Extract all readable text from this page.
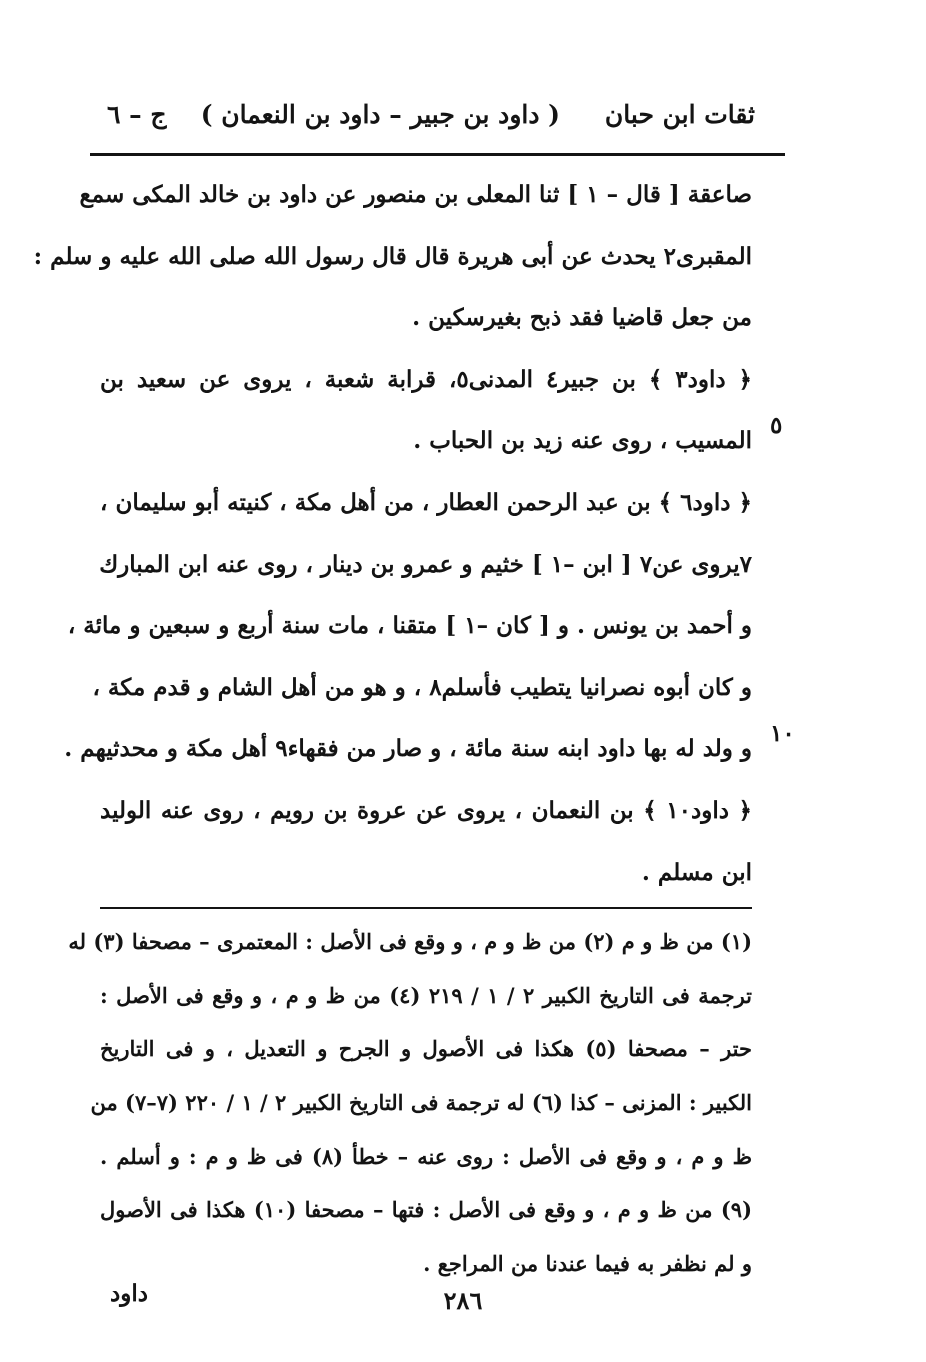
ثقات ابن حبان
( داود بن جبير – داود بن النعمان )
ج – ٦
صاعقة [ قال – ١ ] ثنا المعلى بن منصور عن داود بن خالد المكى سمع
المقبرى٢ يحدث عن أبى هريرة قال قال رسول الله صلى الله عليه و سلم :
من جعل قاضيا فقد ذبح بغيرسكين .
﴿ داود٣ ﴾ بن جبير٤ المدنى٥، قرابة شعبة ، يروى عن سعيد بن
المسيب ، روى عنه زيد بن الحباب .
﴿ داود٦ ﴾ بن عبد الرحمن العطار ، من أهل مكة ، كنيته أبو سليمان ،
٧يروى عن٧ [ ابن –١ ] خثيم و عمرو بن دينار ، روى عنه ابن المبارك
و أحمد بن يونس . و [ كان –١ ] متقنا ، مات سنة أربع و سبعين و مائة ،
و كان أبوه نصرانيا يتطيب فأسلم٨ ، و هو من أهل الشام و قدم مكة ،
و ولد له بها داود ابنه سنة مائة ، و صار من فقهاء٩ أهل مكة و محدثيهم .
﴿ داود١٠ ﴾ بن النعمان ، يروى عن عروة بن رويم ، روى عنه الوليد
ابن مسلم .
٥
١٠
(١) من ظ و م (٢) من ظ و م ، و وقع فى الأصل : المعتمرى – مصحفا (٣) له
ترجمة فى التاريخ الكبير ٢ / ١ / ٢١٩ (٤) من ظ و م ، و وقع فى الأصل :
حتر – مصحفا (٥) هكذا فى الأصول و الجرح و التعديل ، و فى التاريخ
الكبير : المزنى – كذا (٦) له ترجمة فى التاريخ الكبير ٢ / ١ / ٢٢٠ (٧–٧) من
ظ و م ، و وقع فى الأصل : روى عنه – خطأ (٨) فى ظ و م : و أسلم .
(٩) من ظ و م ، و وقع فى الأصل : فتها – مصحفا (١٠) هكذا فى الأصول
و لم نظفر به فيما عندنا من المراجع .
داود	٢٨٦
